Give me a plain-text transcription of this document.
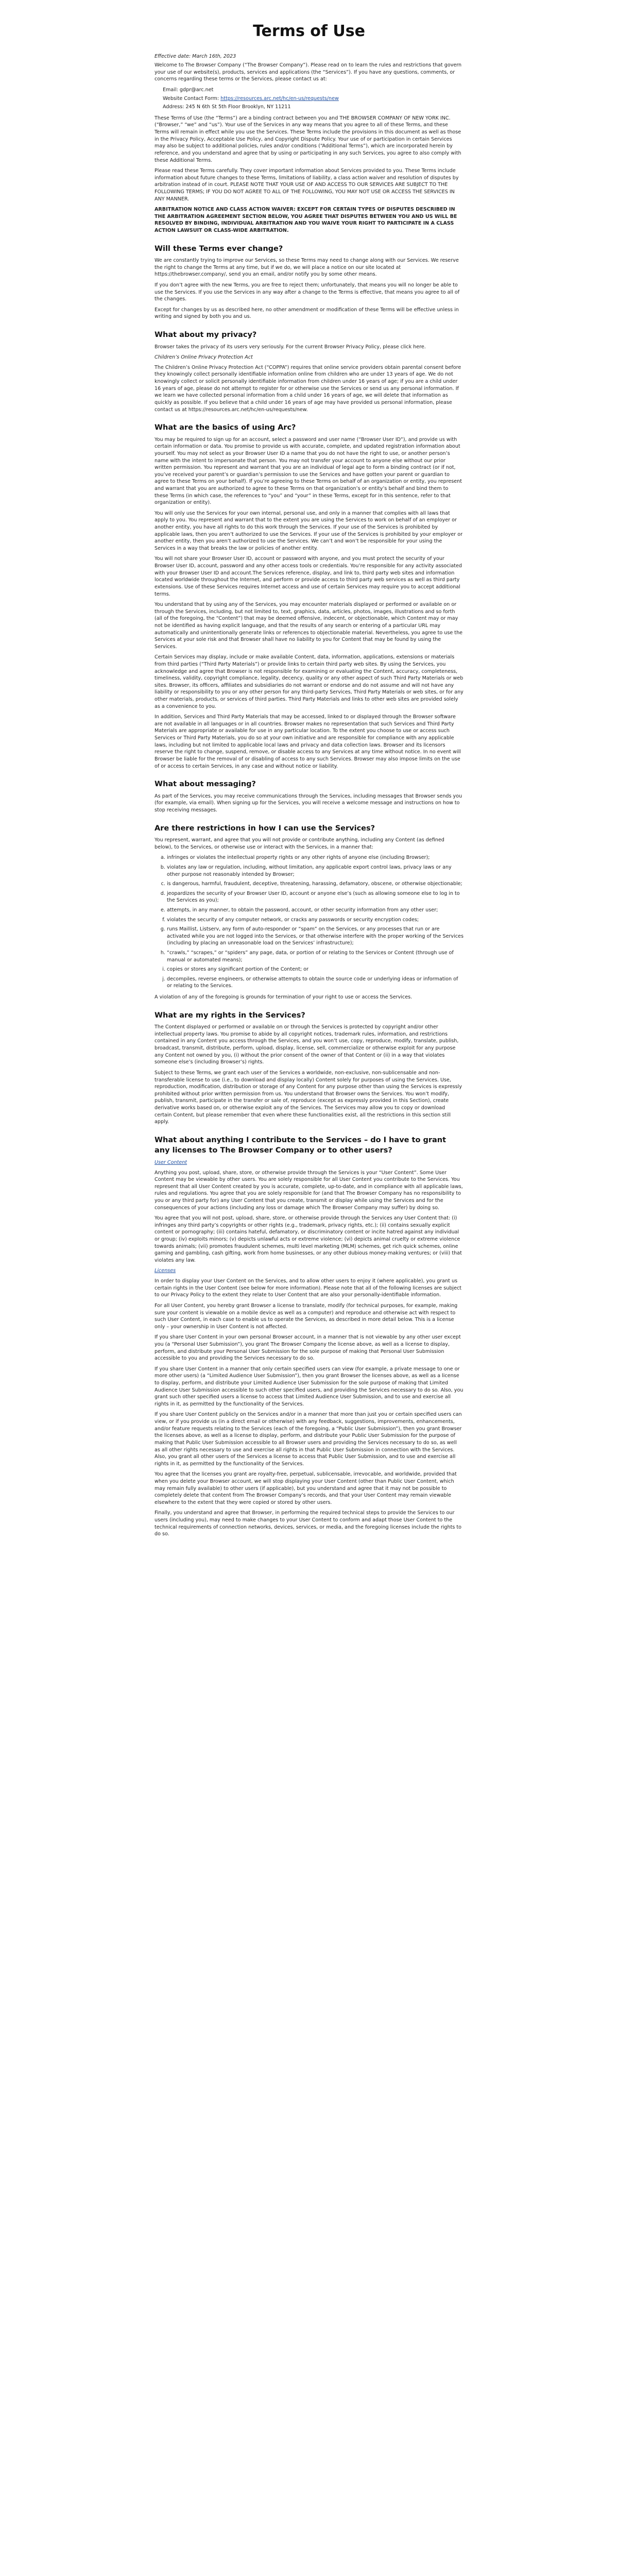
Terms of Use

Effective date: March 16th, 2023

Welcome to The Browser Company (“The Browser Company”). Please read on to learn the rules and restrictions that govern your use of our website(s), products, services and applications (the “Services”). If you have any questions, comments, or concerns regarding these terms or the Services, please contact us at:

Email: gdpr@arc.net
Website Contact Form: https://resources.arc.net/hc/en-us/requests/new
Address: 245 N 6th St 5th Floor Brooklyn, NY 11211

These Terms of Use (the “Terms”) are a binding contract between you and THE BROWSER COMPANY OF NEW YORK INC. (“Browser,” “we” and “us”). Your use of the Services in any way means that you agree to all of these Terms, and these Terms will remain in effect while you use the Services. These Terms include the provisions in this document as well as those in the Privacy Policy, Acceptable Use Policy, and Copyright Dispute Policy. Your use of or participation in certain Services may also be subject to additional policies, rules and/or conditions (“Additional Terms”), which are incorporated herein by reference, and you understand and agree that by using or participating in any such Services, you agree to also comply with these Additional Terms.

Please read these Terms carefully. They cover important information about Services provided to you. These Terms include information about future changes to these Terms, limitations of liability, a class action waiver and resolution of disputes by arbitration instead of in court. PLEASE NOTE THAT YOUR USE OF AND ACCESS TO OUR SERVICES ARE SUBJECT TO THE FOLLOWING TERMS; IF YOU DO NOT AGREE TO ALL OF THE FOLLOWING, YOU MAY NOT USE OR ACCESS THE SERVICES IN ANY MANNER.

ARBITRATION NOTICE AND CLASS ACTION WAIVER: EXCEPT FOR CERTAIN TYPES OF DISPUTES DESCRIBED IN THE ARBITRATION AGREEMENT SECTION BELOW, YOU AGREE THAT DISPUTES BETWEEN YOU AND US WILL BE RESOLVED BY BINDING, INDIVIDUAL ARBITRATION AND YOU WAIVE YOUR RIGHT TO PARTICIPATE IN A CLASS ACTION LAWSUIT OR CLASS-WIDE ARBITRATION.

Will these Terms ever change?

We are constantly trying to improve our Services, so these Terms may need to change along with our Services. We reserve the right to change the Terms at any time, but if we do, we will place a notice on our site located at https://thebrowser.company/, send you an email, and/or notify you by some other means.

If you don’t agree with the new Terms, you are free to reject them; unfortunately, that means you will no longer be able to use the Services. If you use the Services in any way after a change to the Terms is effective, that means you agree to all of the changes.

Except for changes by us as described here, no other amendment or modification of these Terms will be effective unless in writing and signed by both you and us.

What about my privacy?

Browser takes the privacy of its users very seriously. For the current Browser Privacy Policy, please click here.

Children’s Online Privacy Protection Act

The Children’s Online Privacy Protection Act (“COPPA”) requires that online service providers obtain parental consent before they knowingly collect personally identifiable information online from children who are under 13 years of age. We do not knowingly collect or solicit personally identifiable information from children under 16 years of age; if you are a child under 16 years of age, please do not attempt to register for or otherwise use the Services or send us any personal information. If we learn we have collected personal information from a child under 16 years of age, we will delete that information as quickly as possible. If you believe that a child under 16 years of age may have provided us personal information, please contact us at https://resources.arc.net/hc/en-us/requests/new.

What are the basics of using Arc?

You may be required to sign up for an account, select a password and user name (“Browser User ID”), and provide us with certain information or data. You promise to provide us with accurate, complete, and updated registration information about yourself. You may not select as your Browser User ID a name that you do not have the right to use, or another person’s name with the intent to impersonate that person. You may not transfer your account to anyone else without our prior written permission. You represent and warrant that you are an individual of legal age to form a binding contract (or if not, you’ve received your parent’s or guardian’s permission to use the Services and have gotten your parent or guardian to agree to these Terms on your behalf). If you’re agreeing to these Terms on behalf of an organization or entity, you represent and warrant that you are authorized to agree to these Terms on that organization’s or entity’s behalf and bind them to these Terms (in which case, the references to “you” and “your” in these Terms, except for in this sentence, refer to that organization or entity).

You will only use the Services for your own internal, personal use, and only in a manner that complies with all laws that apply to you. You represent and warrant that to the extent you are using the Services to work on behalf of an employer or another entity, you have all rights to do this work through the Services. If your use of the Services is prohibited by applicable laws, then you aren’t authorized to use the Services. If your use of the Services is prohibited by your employer or another entity, then you aren’t authorized to use the Services. We can’t and won’t be responsible for your using the Services in a way that breaks the law or policies of another entity.

You will not share your Browser User ID, account or password with anyone, and you must protect the security of your Browser User ID, account, password and any other access tools or credentials. You’re responsible for any activity associated with your Browser User ID and account.The Services reference, display, and link to, third party web sites and information located worldwide throughout the Internet, and perform or provide access to third party web services as well as third party extensions. Use of these Services requires Internet access and use of certain Services may require you to accept additional terms.

You understand that by using any of the Services, you may encounter materials displayed or performed or available on or through the Services, including, but not limited to, text, graphics, data, articles, photos, images, illustrations and so forth (all of the foregoing, the “Content”) that may be deemed offensive, indecent, or objectionable, which Content may or may not be identified as having explicit language, and that the results of any search or entering of a particular URL may automatically and unintentionally generate links or references to objectionable material. Nevertheless, you agree to use the Services at your sole risk and that Browser shall have no liability to you for Content that may be found by using the Services.

Certain Services may display, include or make available Content, data, information, applications, extensions or materials from third parties (“Third Party Materials”) or provide links to certain third party web sites. By using the Services, you acknowledge and agree that Browser is not responsible for examining or evaluating the Content, accuracy, completeness, timeliness, validity, copyright compliance, legality, decency, quality or any other aspect of such Third Party Materials or web sites. Browser, its officers, affiliates and subsidiaries do not warrant or endorse and do not assume and will not have any liability or responsibility to you or any other person for any third-party Services, Third Party Materials or web sites, or for any other materials, products, or services of third parties. Third Party Materials and links to other web sites are provided solely as a convenience to you.

In addition, Services and Third Party Materials that may be accessed, linked to or displayed through the Browser software are not available in all languages or in all countries. Browser makes no representation that such Services and Third Party Materials are appropriate or available for use in any particular location. To the extent you choose to use or access such Services or Third Party Materials, you do so at your own initiative and are responsible for compliance with any applicable laws, including but not limited to applicable local laws and privacy and data collection laws. Browser and its licensors reserve the right to change, suspend, remove, or disable access to any Services at any time without notice. In no event will Browser be liable for the removal of or disabling of access to any such Services. Browser may also impose limits on the use of or access to certain Services, in any case and without notice or liability.

What about messaging?

As part of the Services, you may receive communications through the Services, including messages that Browser sends you (for example, via email). When signing up for the Services, you will receive a welcome message and instructions on how to stop receiving messages.

Are there restrictions in how I can use the Services?

You represent, warrant, and agree that you will not provide or contribute anything, including any Content (as defined below), to the Services, or otherwise use or interact with the Services, in a manner that:

a. infringes or violates the intellectual property rights or any other rights of anyone else (including Browser);
b. violates any law or regulation, including, without limitation, any applicable export control laws, privacy laws or any other purpose not reasonably intended by Browser;
c. is dangerous, harmful, fraudulent, deceptive, threatening, harassing, defamatory, obscene, or otherwise objectionable;
d. jeopardizes the security of your Browser User ID, account or anyone else’s (such as allowing someone else to log in to the Services as you);
e. attempts, in any manner, to obtain the password, account, or other security information from any other user;
f. violates the security of any computer network, or cracks any passwords or security encryption codes;
g. runs Maillist, Listserv, any form of auto-responder or “spam” on the Services, or any processes that run or are activated while you are not logged into the Services, or that otherwise interfere with the proper working of the Services (including by placing an unreasonable load on the Services’ infrastructure);
h. “crawls,” “scrapes,” or “spiders” any page, data, or portion of or relating to the Services or Content (through use of manual or automated means);
i. copies or stores any significant portion of the Content; or
j. decompiles, reverse engineers, or otherwise attempts to obtain the source code or underlying ideas or information of or relating to the Services.

A violation of any of the foregoing is grounds for termination of your right to use or access the Services.

What are my rights in the Services?

The Content displayed or performed or available on or through the Services is protected by copyright and/or other intellectual property laws. You promise to abide by all copyright notices, trademark rules, information, and restrictions contained in any Content you access through the Services, and you won’t use, copy, reproduce, modify, translate, publish, broadcast, transmit, distribute, perform, upload, display, license, sell, commercialize or otherwise exploit for any purpose any Content not owned by you, (i) without the prior consent of the owner of that Content or (ii) in a way that violates someone else’s (including Browser’s) rights.

Subject to these Terms, we grant each user of the Services a worldwide, non-exclusive, non-sublicensable and non-transferable license to use (i.e., to download and display locally) Content solely for purposes of using the Services. Use, reproduction, modification, distribution or storage of any Content for any purpose other than using the Services is expressly prohibited without prior written permission from us. You understand that Browser owns the Services. You won’t modify, publish, transmit, participate in the transfer or sale of, reproduce (except as expressly provided in this Section), create derivative works based on, or otherwise exploit any of the Services. The Services may allow you to copy or download certain Content, but please remember that even where these functionalities exist, all the restrictions in this section still apply.

What about anything I contribute to the Services – do I have to grant any licenses to The Browser Company or to other users?

User Content

Anything you post, upload, share, store, or otherwise provide through the Services is your “User Content”. Some User Content may be viewable by other users. You are solely responsible for all User Content you contribute to the Services. You represent that all User Content created by you is accurate, complete, up-to-date, and in compliance with all applicable laws, rules and regulations. You agree that you are solely responsible for (and that The Browser Company has no responsibility to you or any third party for) any User Content that you create, transmit or display while using the Services and for the consequences of your actions (including any loss or damage which The Browser Company may suffer) by doing so.

You agree that you will not post, upload, share, store, or otherwise provide through the Services any User Content that: (i) infringes any third party’s copyrights or other rights (e.g., trademark, privacy rights, etc.); (ii) contains sexually explicit content or pornography; (iii) contains hateful, defamatory, or discriminatory content or incite hatred against any individual or group; (iv) exploits minors; (v) depicts unlawful acts or extreme violence; (vi) depicts animal cruelty or extreme violence towards animals; (vii) promotes fraudulent schemes, multi level marketing (MLM) schemes, get rich quick schemes, online gaming and gambling, cash gifting, work from home businesses, or any other dubious money-making ventures; or (viii) that violates any law.

Licenses

In order to display your User Content on the Services, and to allow other users to enjoy it (where applicable), you grant us certain rights in the User Content (see below for more information). Please note that all of the following licenses are subject to our Privacy Policy to the extent they relate to User Content that are also your personally-identifiable information.

For all User Content, you hereby grant Browser a license to translate, modify (for technical purposes, for example, making sure your content is viewable on a mobile device as well as a computer) and reproduce and otherwise act with respect to such User Content, in each case to enable us to operate the Services, as described in more detail below. This is a license only – your ownership in User Content is not affected.

If you share User Content in your own personal Browser account, in a manner that is not viewable by any other user except you (a “Personal User Submission”), you grant The Browser Company the license above, as well as a license to display, perform, and distribute your Personal User Submission for the sole purpose of making that Personal User Submission accessible to you and providing the Services necessary to do so.

If you share User Content in a manner that only certain specified users can view (for example, a private message to one or more other users) (a “Limited Audience User Submission”), then you grant Browser the licenses above, as well as a license to display, perform, and distribute your Limited Audience User Submission for the sole purpose of making that Limited Audience User Submission accessible to such other specified users, and providing the Services necessary to do so. Also, you grant such other specified users a license to access that Limited Audience User Submission, and to use and exercise all rights in it, as permitted by the functionality of the Services.

If you share User Content publicly on the Services and/or in a manner that more than just you or certain specified users can view, or if you provide us (in a direct email or otherwise) with any feedback, suggestions, improvements, enhancements, and/or feature requests relating to the Services (each of the foregoing, a “Public User Submission”), then you grant Browser the licenses above, as well as a license to display, perform, and distribute your Public User Submission for the purpose of making that Public User Submission accessible to all Browser users and providing the Services necessary to do so, as well as all other rights necessary to use and exercise all rights in that Public User Submission in connection with the Services. Also, you grant all other users of the Services a license to access that Public User Submission, and to use and exercise all rights in it, as permitted by the functionality of the Services.

You agree that the licenses you grant are royalty-free, perpetual, sublicensable, irrevocable, and worldwide, provided that when you delete your Browser account, we will stop displaying your User Content (other than Public User Content, which may remain fully available) to other users (if applicable), but you understand and agree that it may not be possible to completely delete that content from The Browser Company’s records, and that your User Content may remain viewable elsewhere to the extent that they were copied or stored by other users.

Finally, you understand and agree that Browser, in performing the required technical steps to provide the Services to our users (including you), may need to make changes to your User Content to conform and adapt those User Content to the technical requirements of connection networks, devices, services, or media, and the foregoing licenses include the rights to do so.
